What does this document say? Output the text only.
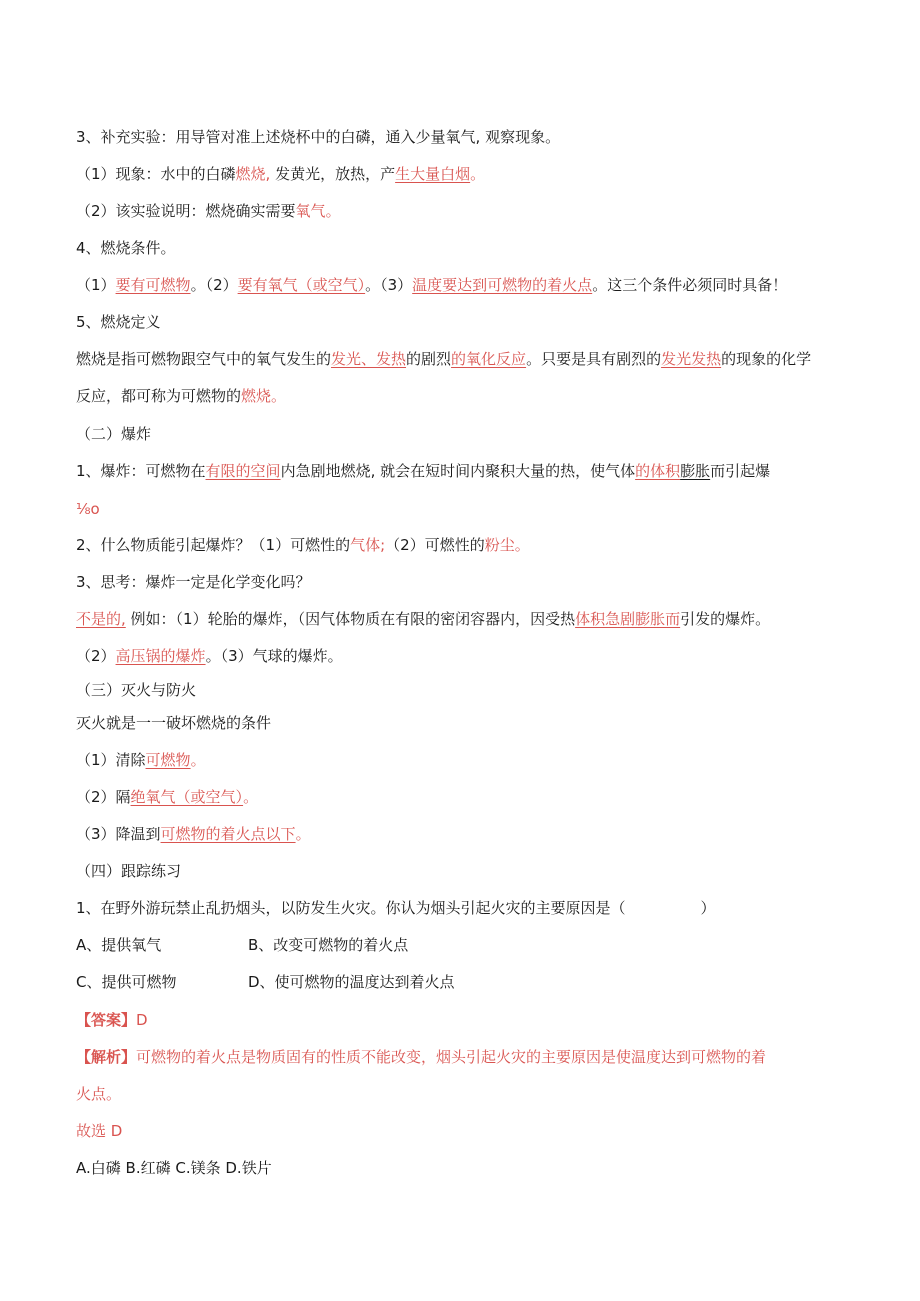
3、补充实验：用导管对准上述烧杯中的白磷，通入少量氧气, 观察现象。
（1）现象：水中的白磷燃烧, 发黄光，放热，产生大量白烟。
（2）该实验说明：燃烧确实需要氧气。
4、燃烧条件。
（1）要有可燃物。（2）要有氧气（或空气）。（3）温度要达到可燃物的着火点。这三个条件必须同时具备！
5、燃烧定义
燃烧是指可燃物跟空气中的氧气发生的发光、发热的剧烈的氧化反应。只要是具有剧烈的发光发热的现象的化学
反应，都可称为可燃物的燃烧。
（二）爆炸
1、爆炸：可燃物在有限的空间内急剧地燃烧, 就会在短时间内聚积大量的热，使气体的体积膨胀而引起爆
⅛o
2、什么物质能引起爆炸？（1）可燃性的气体;（2）可燃性的粉尘。
3、思考：爆炸一定是化学变化吗？
不是的, 例如：（1）轮胎的爆炸，（因气体物质在有限的密闭容器内，因受热体积急剧膨胀而引发的爆炸。
（2）高压锅的爆炸。（3）气球的爆炸。
（三）灭火与防火
灭火就是一一破坏燃烧的条件
（1）清除可燃物。
（2）隔绝氧气（或空气）。
（3）降温到可燃物的着火点以下。
（四）跟踪练习
1、在野外游玩禁止乱扔烟头，以防发生火灾。你认为烟头引起火灾的主要原因是（　　　　　）
A、提供氧气	B、改变可燃物的着火点
C、提供可燃物	D、使可燃物的温度达到着火点
【答案】D
【解析】可燃物的着火点是物质固有的性质不能改变，烟头引起火灾的主要原因是使温度达到可燃物的着
火点。
故选 D
A.白磷 B.红磷 C.镁条 D.铁片
